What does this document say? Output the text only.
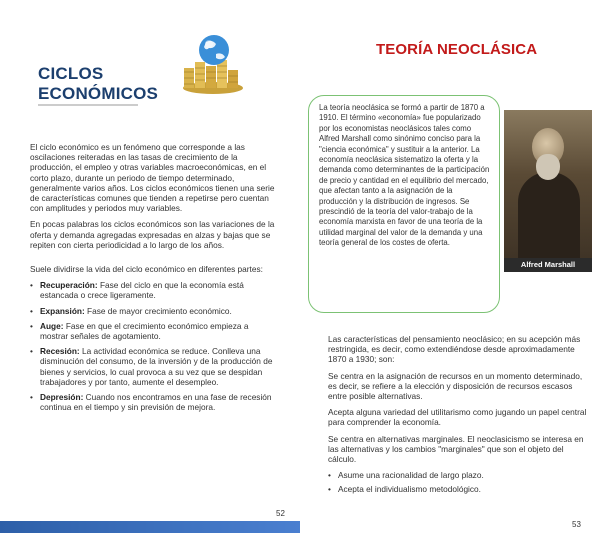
CICLOS
ECONÓMICOS

El ciclo económico es un fenómeno que corresponde a las oscilaciones reiteradas en las tasas de crecimiento de la producción, el empleo y otras variables macroeconómicas, en el corto plazo, durante un periodo de tiempo determinado, generalmente varios años. Los ciclos económicos tienen una serie de características comunes que tienden a repetirse pero cuentan con amplitudes y periodos muy variables.

En pocas palabras los ciclos económicos son las variaciones de la oferta y demanda agregadas expresadas en alzas y bajas que se repiten con cierta periodicidad a lo largo de los años.

Suele dividirse la vida del ciclo económico en diferentes partes:

• Recuperación: Fase del ciclo en que la economía está estancada o crece ligeramente.
• Expansión: Fase de mayor crecimiento económico.
• Auge: Fase en que el crecimiento económico empieza a mostrar señales de agotamiento.
• Recesión: La actividad económica se reduce. Conlleva una disminución del consumo, de la inversión y de la producción de bienes y servicios, lo cual provoca a su vez que se despidan trabajadores y por tanto, aumente el desempleo.
• Depresión: Cuando nos encontramos en una fase de recesión continua en el tiempo y sin previsión de mejora.
52
TEORÍA NEOCLÁSICA
La teoría neoclásica se formó a partir de 1870 a 1910. El término «economía» fue popularizado por los economistas neoclásicos tales como Alfred Marshall como sinónimo conciso para la "ciencia económica" y sustituir a la anterior. La economía neoclásica sistematizo la oferta y la demanda como determinantes de la participación de precio y cantidad en el equilibrio del mercado, que afectan tanto a la asignación de la producción y la distribución de ingresos. Se prescindió de la teoría del valor-trabajo de la economía marxista en favor de una teoría de la utilidad marginal del valor de la demanda y una teoría general de los costes de oferta.
Alfred Marshall

Las características del pensamiento neoclásico; en su acepción más restringida, es decir, como extendiéndose desde aproximadamente 1870 a 1930; son:

Se centra en la asignación de recursos en un momento determinado, es decir, se refiere a la elección y disposición de recursos escasos entre posible alternativas.

Acepta alguna variedad del utilitarismo como jugando un papel central para comprender la economía.

Se centra en alternativas marginales. El neoclasicismo se interesa en las alternativas y los cambios "marginales" que son el objeto del cálculo.

• Asume una racionalidad de largo plazo.
• Acepta el individualismo metodológico.
53
